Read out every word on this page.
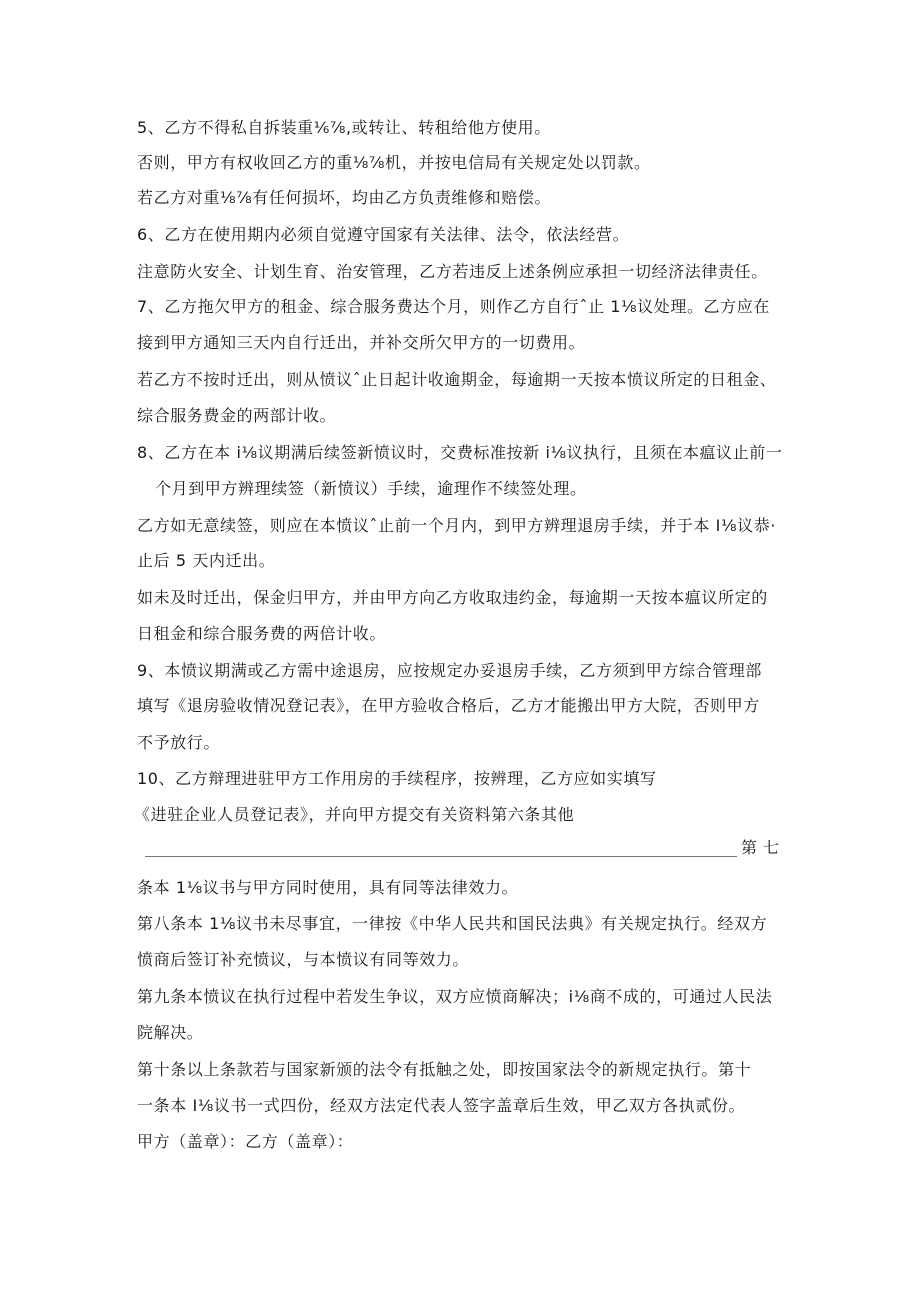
5、乙方不得私自拆装重⅙⅞,或转让、转租给他方使用。
否则，甲方有权收回乙方的重⅛⅞机，并按电信局有关规定处以罚款。
若乙方对重⅛⅞有任何损坏，均由乙方负责维修和赔偿。
6、乙方在使用期内必须自觉遵守国家有关法律、法令，依法经营。
注意防火安全、计划生育、治安管理，乙方若违反上述条例应承担一切经济法律责任。
7、乙方拖欠甲方的租金、综合服务费达个月，则作乙方自行ˆ止 1⅛议处理。乙方应在
接到甲方通知三天内自行迁出，并补交所欠甲方的一切费用。
若乙方不按时迁出，则从愤议ˆ止日起计收逾期金，每逾期一天按本愤议所定的日租金、
综合服务费金的两部计收。
8、乙方在本 i⅛议期满后续签新愤议时，交费标准按新 i⅛议执行，且须在本瘟议止前一
个月到甲方辨理续签（新愤议）手续，逾理作不续签处理。
乙方如无意续签，则应在本愤议ˆ止前一个月内，到甲方辨理退房手续，并于本 I⅛议恭·
止后 5 天内迁出。
如未及时迁出，保金归甲方，并由甲方向乙方收取违约金，每逾期一天按本瘟议所定的
日租金和综合服务费的两倍计收。
9、本愤议期满或乙方需中途退房，应按规定办妥退房手续，乙方须到甲方综合管理部
填写《退房验收情况登记表》，在甲方验收合格后，乙方才能搬出甲方大院，否则甲方
不予放行。
10、乙方辩理进驻甲方工作用房的手续程序，按辨理，乙方应如实填写
《进驻企业人员登记表》，并向甲方提交有关资料第六条其他
第七
条本 1⅛议书与甲方同时使用，具有同等法律效力。
第八条本 1⅛议书未尽事宜，一律按《中华人民共和国民法典》有关规定执行。经双方
愤商后签订补充愤议，与本愤议有同等效力。
第九条本愤议在执行过程中若发生争议，双方应愤商解决；i⅛商不成的，可通过人民法
院解决。
第十条以上条款若与国家新颁的法令有抵触之处，即按国家法令的新规定执行。第十
一条本 I⅛议书一式四份，经双方法定代表人签字盖章后生效，甲乙双方各执贰份。
甲方（盖章）：乙方（盖章）：
